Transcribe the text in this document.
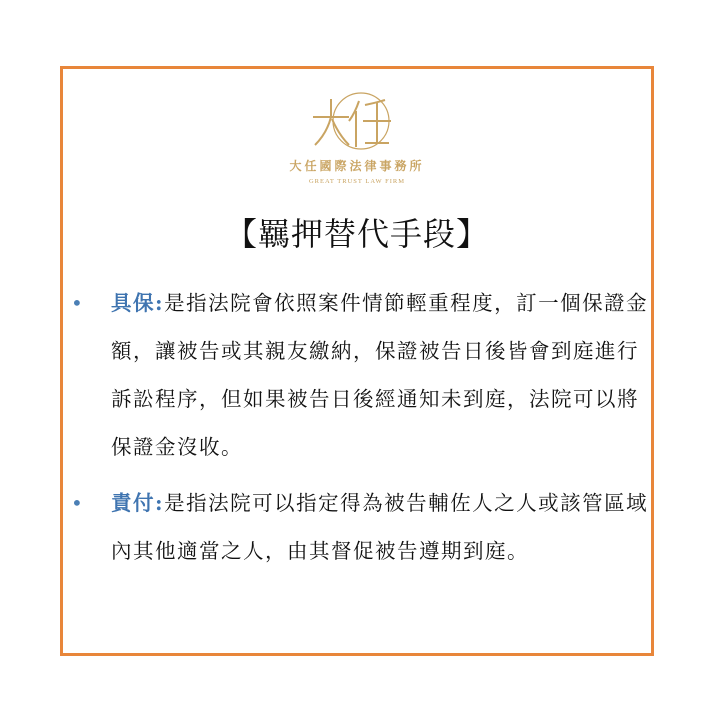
大任國際法律事務所
GREAT TRUST LAW FIRM
【羈押替代手段】
• 具保:是指法院會依照案件情節輕重程度，訂一個保證金額，讓被告或其親友繳納，保證被告日後皆會到庭進行訴訟程序，但如果被告日後經通知未到庭，法院可以將保證金沒收。
• 責付:是指法院可以指定得為被告輔佐人之人或該管區域內其他適當之人，由其督促被告遵期到庭。
